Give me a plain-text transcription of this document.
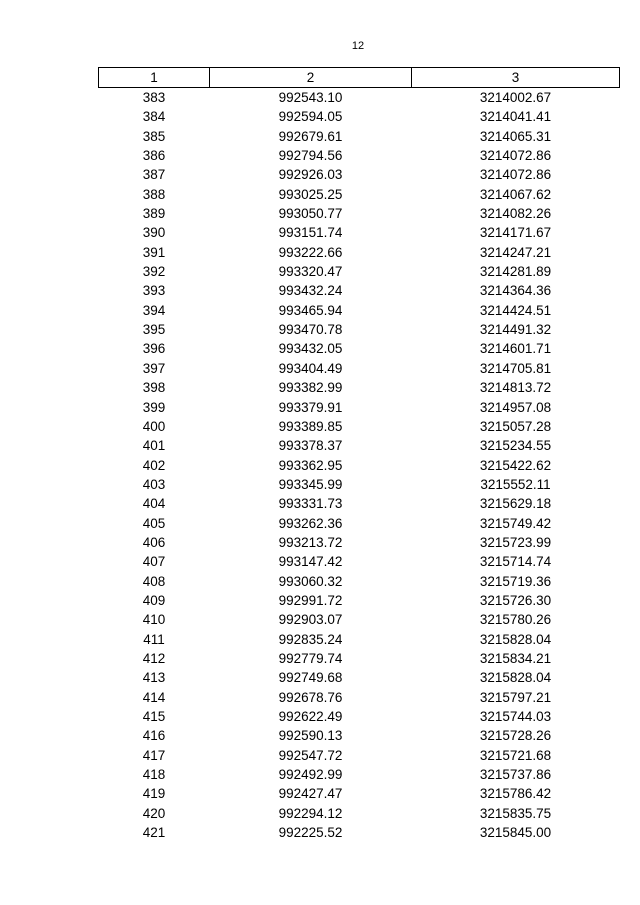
12
1	2	3
383	992543.10	3214002.67
384	992594.05	3214041.41
385	992679.61	3214065.31
386	992794.56	3214072.86
387	992926.03	3214072.86
388	993025.25	3214067.62
389	993050.77	3214082.26
390	993151.74	3214171.67
391	993222.66	3214247.21
392	993320.47	3214281.89
393	993432.24	3214364.36
394	993465.94	3214424.51
395	993470.78	3214491.32
396	993432.05	3214601.71
397	993404.49	3214705.81
398	993382.99	3214813.72
399	993379.91	3214957.08
400	993389.85	3215057.28
401	993378.37	3215234.55
402	993362.95	3215422.62
403	993345.99	3215552.11
404	993331.73	3215629.18
405	993262.36	3215749.42
406	993213.72	3215723.99
407	993147.42	3215714.74
408	993060.32	3215719.36
409	992991.72	3215726.30
410	992903.07	3215780.26
411	992835.24	3215828.04
412	992779.74	3215834.21
413	992749.68	3215828.04
414	992678.76	3215797.21
415	992622.49	3215744.03
416	992590.13	3215728.26
417	992547.72	3215721.68
418	992492.99	3215737.86
419	992427.47	3215786.42
420	992294.12	3215835.75
421	992225.52	3215845.00
